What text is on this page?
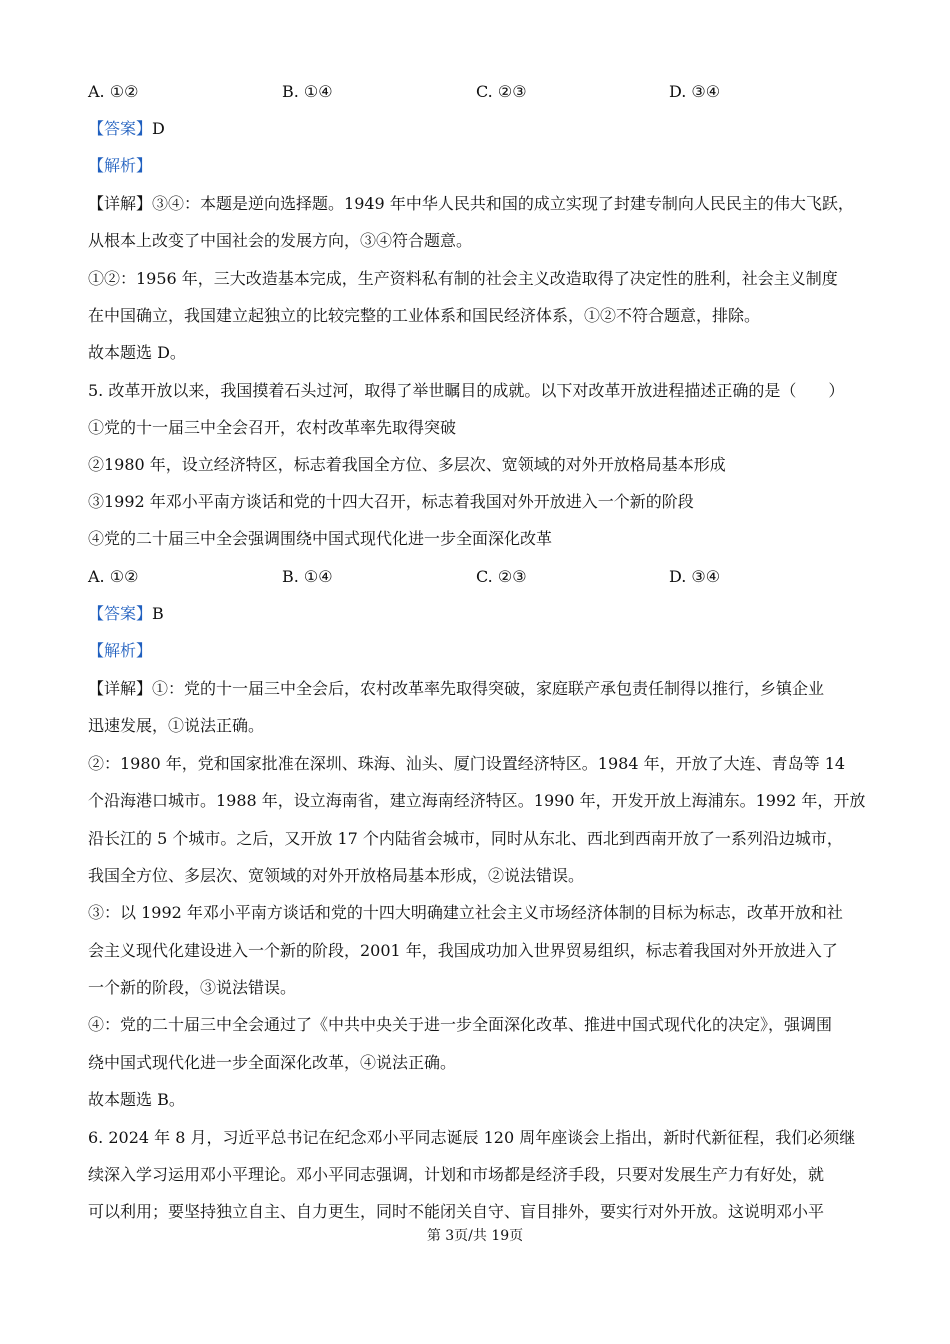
A. ①②	B. ①④	C. ②③	D. ③④
【答案】D
【解析】
【详解】③④：本题是逆向选择题。1949 年中华人民共和国的成立实现了封建专制向人民民主的伟大飞跃，
从根本上改变了中国社会的发展方向，③④符合题意。
①②：1956 年，三大改造基本完成，生产资料私有制的社会主义改造取得了决定性的胜利，社会主义制度
在中国确立，我国建立起独立的比较完整的工业体系和国民经济体系，①②不符合题意，排除。
故本题选 D。
5. 改革开放以来，我国摸着石头过河，取得了举世瞩目的成就。以下对改革开放进程描述正确的是（　　）
①党的十一届三中全会召开，农村改革率先取得突破
②1980 年，设立经济特区，标志着我国全方位、多层次、宽领域的对外开放格局基本形成
③1992 年邓小平南方谈话和党的十四大召开，标志着我国对外开放进入一个新的阶段
④党的二十届三中全会强调围绕中国式现代化进一步全面深化改革
A. ①②	B. ①④	C. ②③	D. ③④
【答案】B
【解析】
【详解】①：党的十一届三中全会后，农村改革率先取得突破，家庭联产承包责任制得以推行，乡镇企业
迅速发展，①说法正确。
②：1980 年，党和国家批准在深圳、珠海、汕头、厦门设置经济特区。1984 年，开放了大连、青岛等 14
个沿海港口城市。1988 年，设立海南省，建立海南经济特区。1990 年，开发开放上海浦东。1992 年，开放
沿长江的 5 个城市。之后，又开放 17 个内陆省会城市，同时从东北、西北到西南开放了一系列沿边城市，
我国全方位、多层次、宽领域的对外开放格局基本形成，②说法错误。
③：以 1992 年邓小平南方谈话和党的十四大明确建立社会主义市场经济体制的目标为标志，改革开放和社
会主义现代化建设进入一个新的阶段，2001 年，我国成功加入世界贸易组织，标志着我国对外开放进入了
一个新的阶段，③说法错误。
④：党的二十届三中全会通过了《中共中央关于进一步全面深化改革、推进中国式现代化的决定》，强调围
绕中国式现代化进一步全面深化改革，④说法正确。
故本题选 B。
6. 2024 年 8 月，习近平总书记在纪念邓小平同志诞辰 120 周年座谈会上指出，新时代新征程，我们必须继
续深入学习运用邓小平理论。邓小平同志强调，计划和市场都是经济手段，只要对发展生产力有好处，就
可以利用；要坚持独立自主、自力更生，同时不能闭关自守、盲目排外，要实行对外开放。这说明邓小平
第 3页/共 19页
